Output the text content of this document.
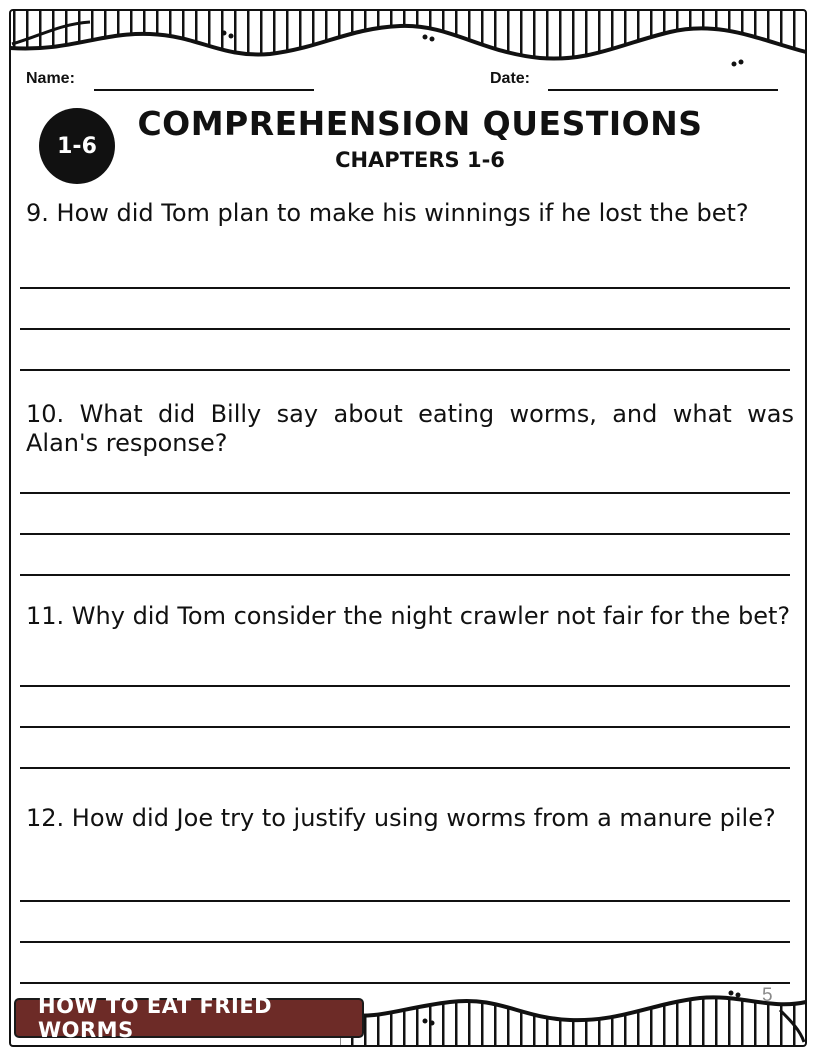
Name:	Date:
1-6
COMPREHENSION QUESTIONS
CHAPTERS 1-6
9. How did Tom plan to make his winnings if he lost the bet?
10. What did Billy say about eating worms, and what was Alan's response?
11. Why did Tom consider the night crawler not fair for the bet?
12. How did Joe try to justify using worms from a manure pile?
HOW TO EAT FRIED WORMS
5
